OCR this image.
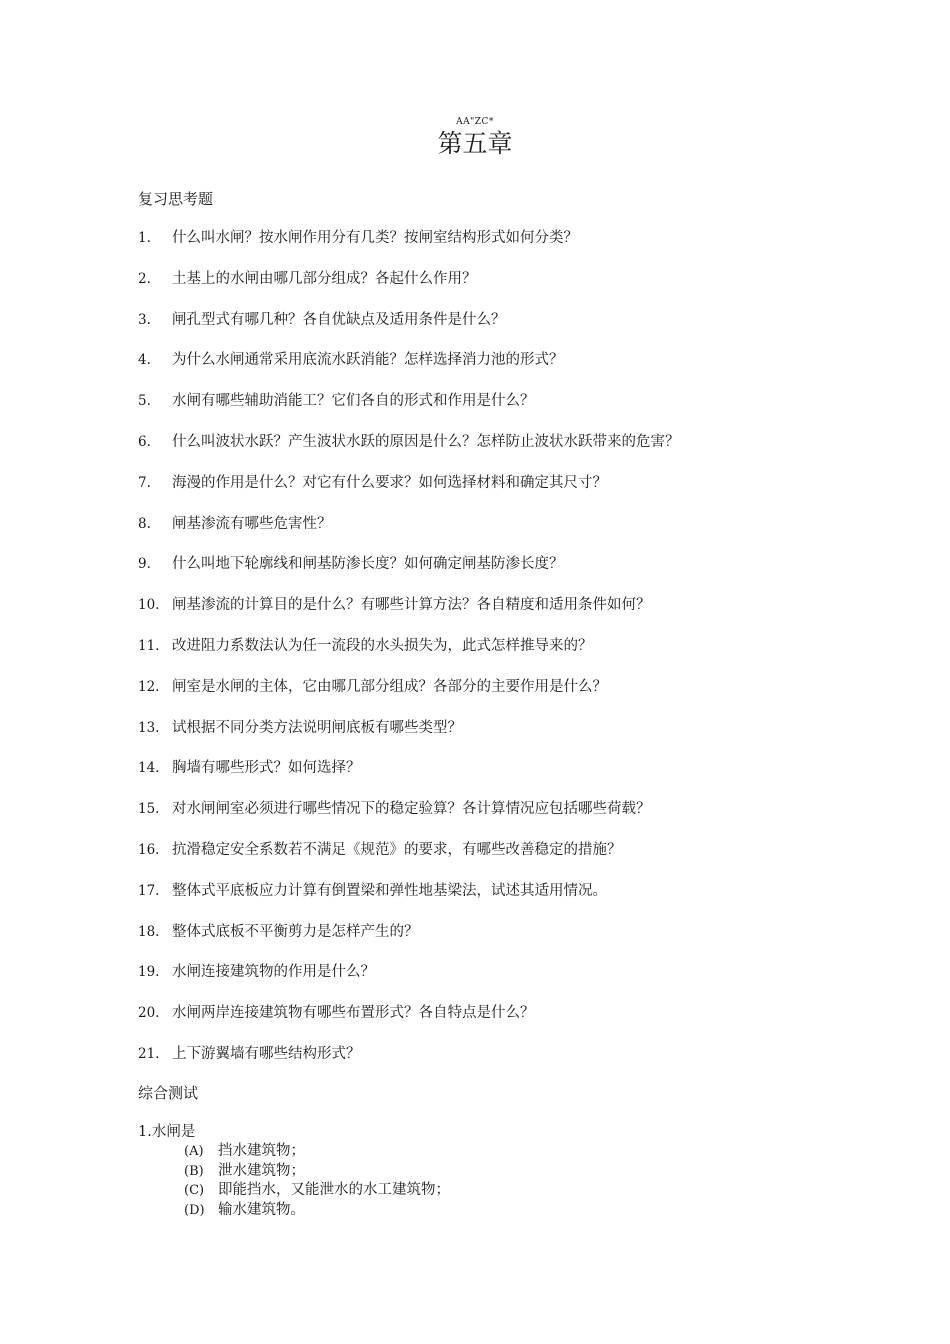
AA"ZC*
第五章
复习思考题
1.	什么叫水闸？按水闸作用分有几类？按闸室结构形式如何分类？
2.	土基上的水闸由哪几部分组成？各起什么作用？
3.	闸孔型式有哪几种？各自优缺点及适用条件是什么？
4.	为什么水闸通常采用底流水跃消能？怎样选择消力池的形式？
5.	水闸有哪些辅助消能工？它们各自的形式和作用是什么？
6.	什么叫波状水跃？产生波状水跃的原因是什么？怎样防止波状水跃带来的危害？
7.	海漫的作用是什么？对它有什么要求？如何选择材料和确定其尺寸？
8.	闸基渗流有哪些危害性？
9.	什么叫地下轮廓线和闸基防渗长度？如何确定闸基防渗长度？
10. 闸基渗流的计算目的是什么？有哪些计算方法？各自精度和适用条件如何？
11. 改进阻力系数法认为任一流段的水头损失为，此式怎样推导来的？
12. 闸室是水闸的主体，它由哪几部分组成？各部分的主要作用是什么？
13. 试根据不同分类方法说明闸底板有哪些类型？
14. 胸墙有哪些形式？如何选择？
15. 对水闸闸室必须进行哪些情况下的稳定验算？各计算情况应包括哪些荷载？
16. 抗滑稳定安全系数若不满足《规范》的要求，有哪些改善稳定的措施？
17. 整体式平底板应力计算有倒置梁和弹性地基梁法，试述其适用情况。
18. 整体式底板不平衡剪力是怎样产生的？
19. 水闸连接建筑物的作用是什么？
20. 水闸两岸连接建筑物有哪些布置形式？各自特点是什么？
21. 上下游翼墙有哪些结构形式？
综合测试
1.水闸是
(A) 挡水建筑物；
(B) 泄水建筑物；
(C) 即能挡水，又能泄水的水工建筑物；
(D) 输水建筑物。
